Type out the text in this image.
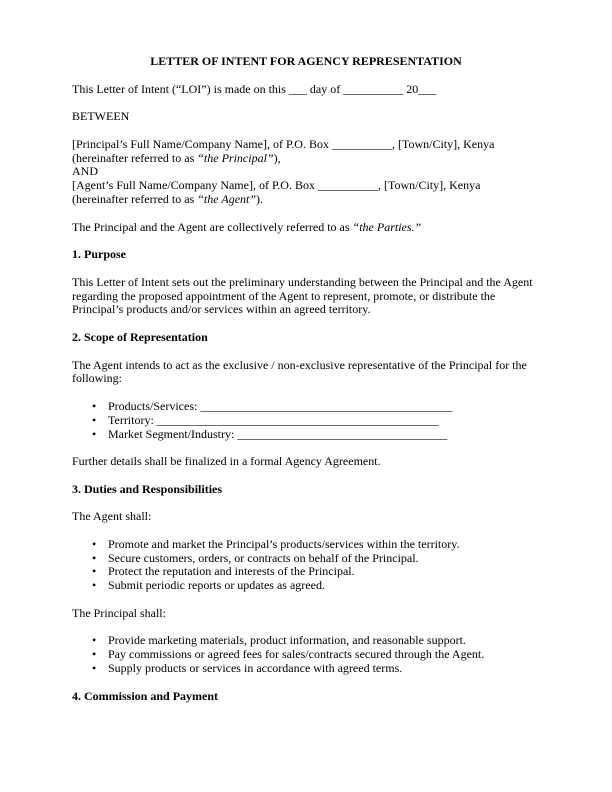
LETTER OF INTENT FOR AGENCY REPRESENTATION

This Letter of Intent (“LOI”) is made on this ___ day of __________ 20___

BETWEEN

[Principal’s Full Name/Company Name], of P.O. Box __________, [Town/City], Kenya
(hereinafter referred to as “the Principal”),
AND
[Agent’s Full Name/Company Name], of P.O. Box __________, [Town/City], Kenya
(hereinafter referred to as “the Agent”).

The Principal and the Agent are collectively referred to as “the Parties.”

1. Purpose

This Letter of Intent sets out the preliminary understanding between the Principal and the Agent regarding the proposed appointment of the Agent to represent, promote, or distribute the Principal’s products and/or services within an agreed territory.

2. Scope of Representation

The Agent intends to act as the exclusive / non-exclusive representative of the Principal for the following:

• Products/Services: __________________________________________
• Territory: _______________________________________________
• Market Segment/Industry: ___________________________________

Further details shall be finalized in a formal Agency Agreement.

3. Duties and Responsibilities

The Agent shall:

• Promote and market the Principal’s products/services within the territory.
• Secure customers, orders, or contracts on behalf of the Principal.
• Protect the reputation and interests of the Principal.
• Submit periodic reports or updates as agreed.

The Principal shall:

• Provide marketing materials, product information, and reasonable support.
• Pay commissions or agreed fees for sales/contracts secured through the Agent.
• Supply products or services in accordance with agreed terms.
4. Commission and Payment
